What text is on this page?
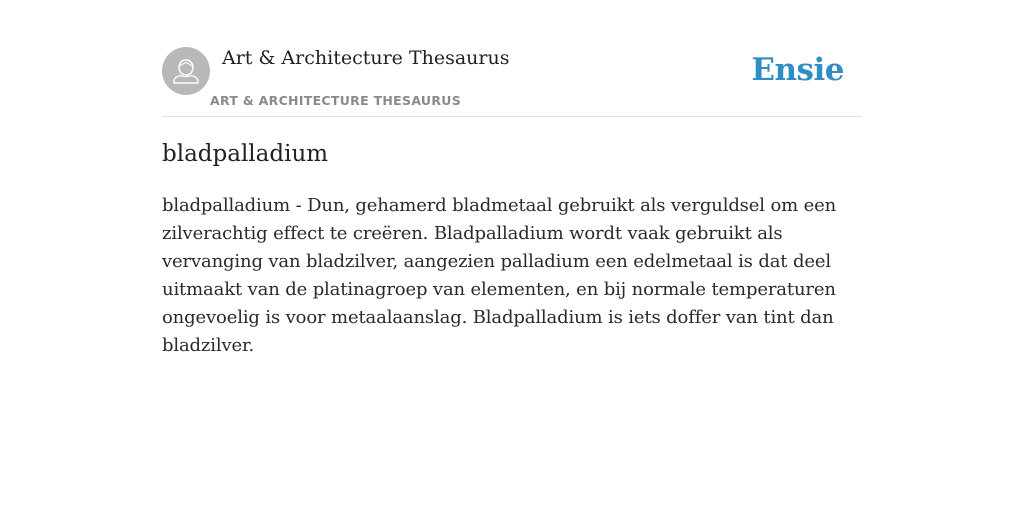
Art & Architecture Thesaurus
ART & ARCHITECTURE THESAURUS
Ensie
bladpalladium

bladpalladium - Dun, gehamerd bladmetaal gebruikt als verguldsel om een zilverachtig effect te creëren. Bladpalladium wordt vaak gebruikt als vervanging van bladzilver, aangezien palladium een edelmetaal is dat deel uitmaakt van de platinagroep van elementen, en bij normale temperaturen ongevoelig is voor metaalaanslag. Bladpalladium is iets doffer van tint dan bladzilver.
